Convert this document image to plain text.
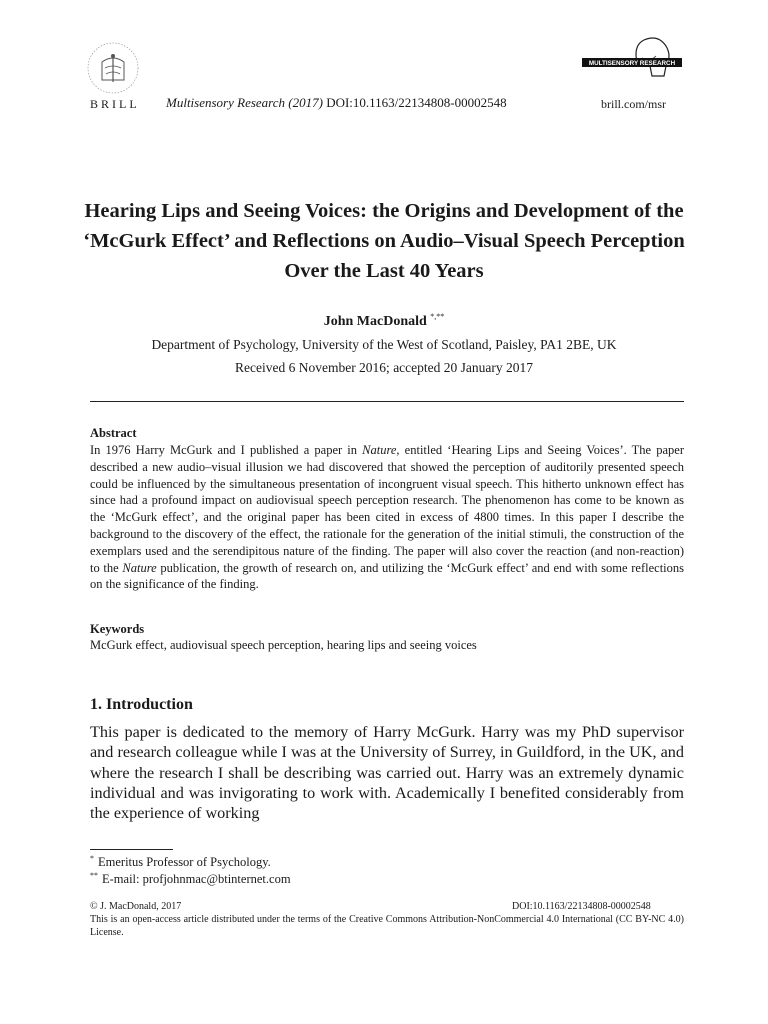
BRILL Multisensory Research (2017) DOI:10.1163/22134808-00002548
MULTISENSORY RESEARCH
brill.com/msr
Hearing Lips and Seeing Voices: the Origins and Development of the ‘McGurk Effect’ and Reflections on Audio–Visual Speech Perception Over the Last 40 Years
John MacDonald *,**
Department of Psychology, University of the West of Scotland, Paisley, PA1 2BE, UK
Received 6 November 2016; accepted 20 January 2017
Abstract
In 1976 Harry McGurk and I published a paper in Nature, entitled ‘Hearing Lips and Seeing Voices’. The paper described a new audio–visual illusion we had discovered that showed the perception of auditorily presented speech could be influenced by the simultaneous presentation of incongruent visual speech. This hitherto unknown effect has since had a profound impact on audiovisual speech perception research. The phenomenon has come to be known as the ‘McGurk effect’, and the original paper has been cited in excess of 4800 times. In this paper I describe the background to the discovery of the effect, the rationale for the generation of the initial stimuli, the construction of the exemplars used and the serendipitous nature of the finding. The paper will also cover the reaction (and non-reaction) to the Nature publication, the growth of research on, and utilizing the ‘McGurk effect’ and end with some reflections on the significance of the finding.
Keywords
McGurk effect, audiovisual speech perception, hearing lips and seeing voices
1. Introduction
This paper is dedicated to the memory of Harry McGurk. Harry was my PhD supervisor and research colleague while I was at the University of Surrey, in Guildford, in the UK, and where the research I shall be describing was carried out. Harry was an extremely dynamic individual and was invigorating to work with. Academically I benefited considerably from the experience of working
* Emeritus Professor of Psychology.
** E-mail: profjohnmac@btinternet.com
© J. MacDonald, 2017	DOI:10.1163/22134808-00002548
This is an open-access article distributed under the terms of the Creative Commons Attribution-NonCommercial 4.0 International (CC BY-NC 4.0) License.
